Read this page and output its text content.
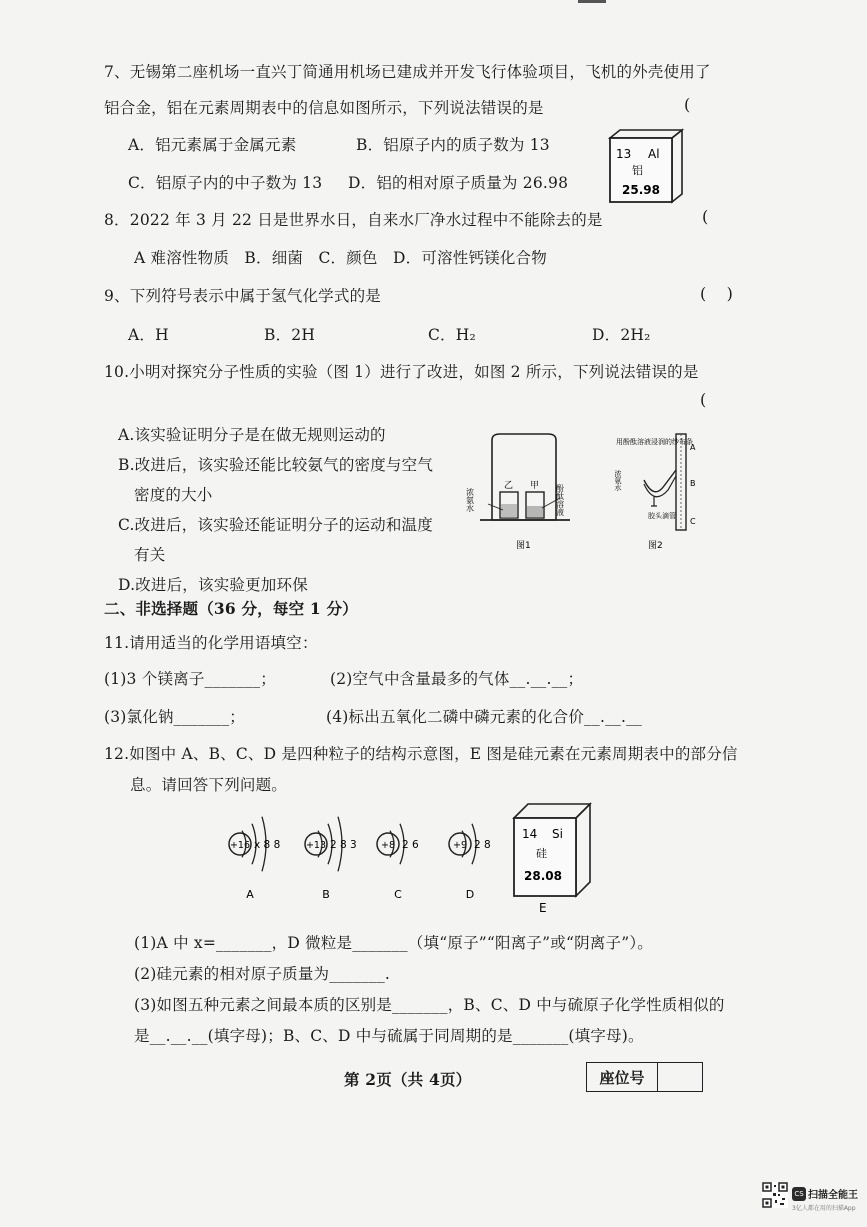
7、无锡第二座机场一直兴丁简通用机场已建成并开发飞行体验项目，飞机的外壳使用了
铝合金，铝在元素周期表中的信息如图所示，下列说法错误的是	(
A．铝元素属于金属元素	B．铝原子内的质子数为 13
C．铝原子内的中子数为 13 D．铝的相对原子质量为 26.98
13 Al
铝
25.98
8．2022 年 3 月 22 日是世界水日，自来水厂净水过程中不能除去的是	(
A 难溶性物质   B．细菌   C．颜色   D．可溶性钙镁化合物
9、下列符号表示中属于氢气化学式的是	(    )
A．H	B．2H	C．H₂	D．2H₂
10.小明对探究分子性质的实验（图 1）进行了改进，如图 2 所示，下列说法错误的是
(
A.该实验证明分子是在做无规则运动的
B.改进后，该实验还能比较氨气的密度与空气
密度的大小
C.改进后，该实验还能证明分子的运动和温度
有关
D.改进后，该实验更加环保
浓氨水
乙 甲 酚酞溶液
图1
用酚酞溶液浸润的纱布条
浓氨水
胶头滴管
A
B
C
图2
二、非选择题（36 分，每空 1 分）
11.请用适当的化学用语填空：
(1)3 个镁离子_______；	(2)空气中含量最多的气体__.__.__；
(3)氯化钠_______；	(4)标出五氧化二磷中磷元素的化合价__.__.__
12.如图中 A、B、C、D 是四种粒子的结构示意图，E 图是硅元素在元素周期表中的部分信
息。请回答下列问题。
+16 x 8 8
A
+13 2 8 3
B
+8 2 6
C
+9 2 8
D
14 Si
硅
28.08
E
(1)A 中 x=_______，D 微粒是_______（填“原子”“阳离子”或“阴离子”）。
(2)硅元素的相对原子质量为_______.
(3)如图五种元素之间最本质的区别是_______，B、C、D 中与硫原子化学性质相似的
是__.__.__(填字母)；B、C、D 中与硫属于同周期的是_______(填字母)。
第 2页（共 4页）	座位号
CS 扫描全能王
3亿人都在用的扫描App
